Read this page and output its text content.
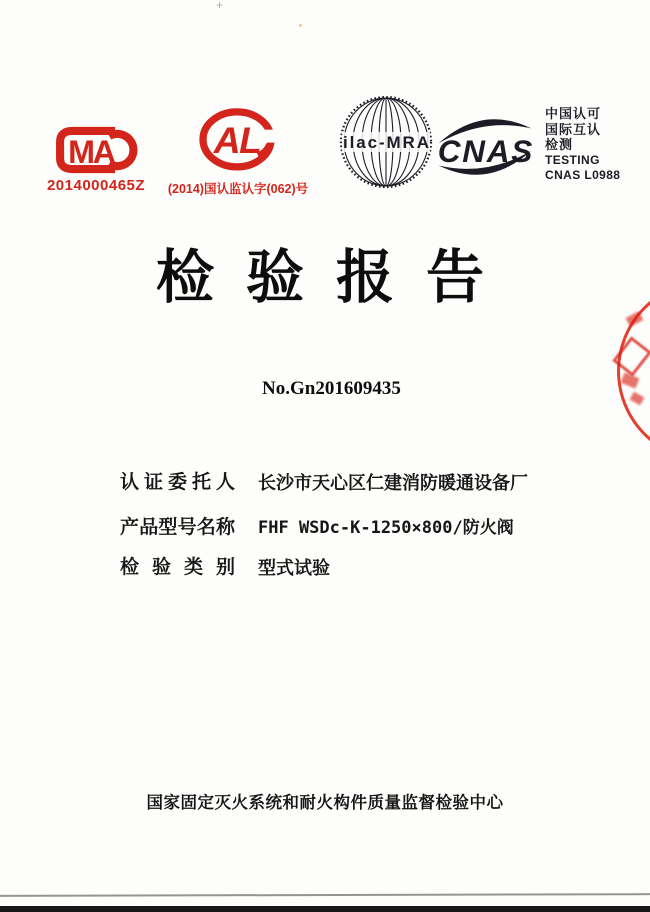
+
MA
2014000465Z
AL
(2014)国认监认字(062)号
ilac-MRA CNAS
中国认可
国际互认
检测
TESTING
CNAS L0988
检验报告
No.Gn201609435
认证委托人 长沙市天心区仁建消防暖通设备厂
产品型号名称 FHF WSDc-K-1250×800/防火阀
检验类别 型式试验
国家固定灭火系统和耐火构件质量监督检验中心
